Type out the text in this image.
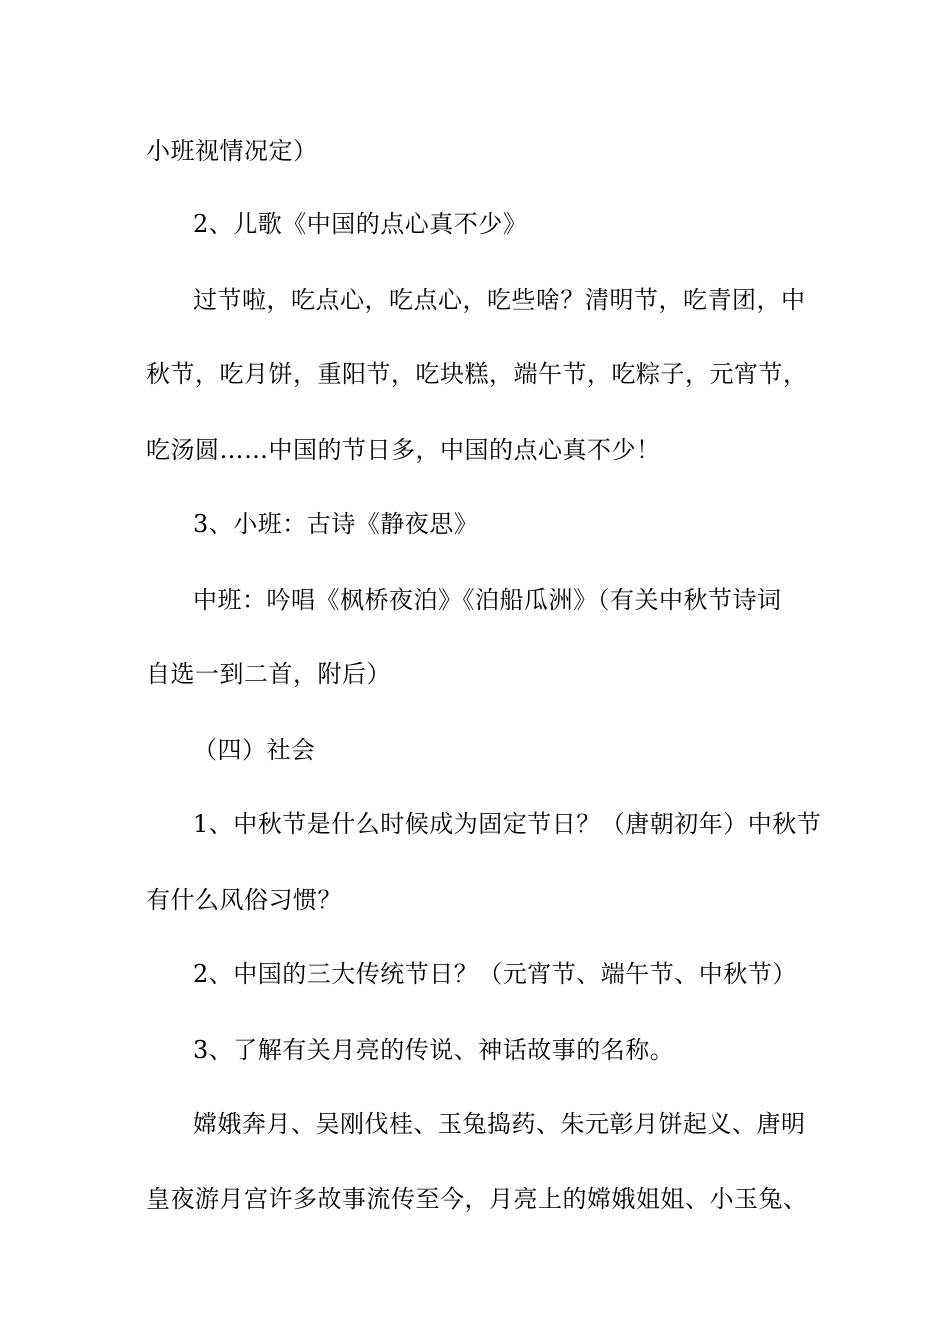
小班视情况定）
2、儿歌《中国的点心真不少》
过节啦，吃点心，吃点心，吃些啥？清明节，吃青团，中
秋节，吃月饼，重阳节，吃块糕，端午节，吃粽子，元宵节，
吃汤圆……中国的节日多，中国的点心真不少！
3、小班：古诗《静夜思》
中班：吟唱《枫桥夜泊》《泊船瓜洲》（有关中秋节诗词
自选一到二首，附后）
（四）社会
1、中秋节是什么时候成为固定节日？（唐朝初年）中秋节
有什么风俗习惯？
2、中国的三大传统节日？（元宵节、端午节、中秋节）
3、了解有关月亮的传说、神话故事的名称。
嫦娥奔月、吴刚伐桂、玉兔捣药、朱元彰月饼起义、唐明
皇夜游月宫许多故事流传至今，月亮上的嫦娥姐姐、小玉兔、
